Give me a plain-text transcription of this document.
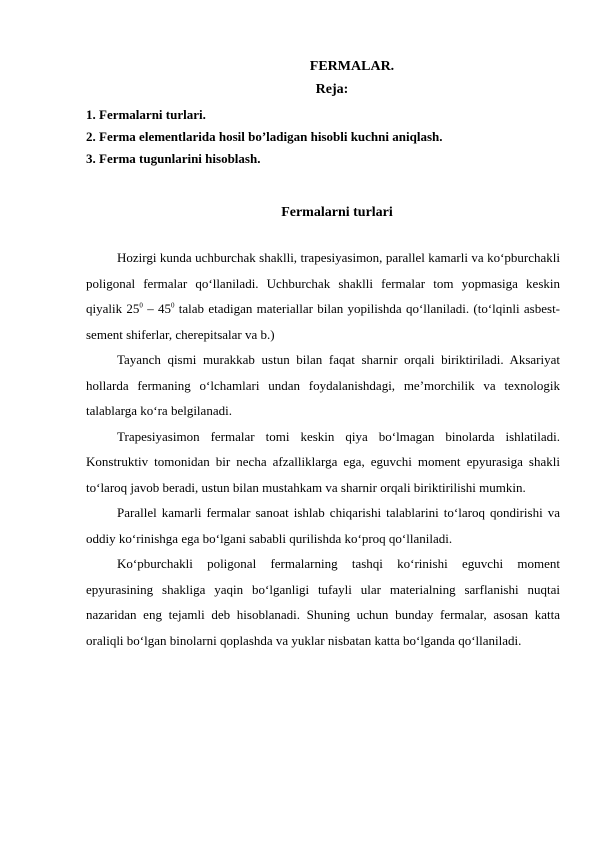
FERMALAR.
Reja:
1. Fermalarni turlari.
2. Ferma elementlarida hosil bo’ladigan hisobli kuchni aniqlash.
3. Ferma tugunlarini hisoblash.
Fermalarni turlari

Hozirgi kunda uchburchak shaklli, trapesiyasimon, parallel kamarli va ko‘pburchakli poligonal fermalar qo‘llaniladi. Uchburchak shaklli fermalar tom yopmasiga keskin qiyalik $25^0 - 45^0$ talab etadigan materiallar bilan yopilishda qo‘llaniladi. (to‘lqinli asbest-sement shiferlar, cherepitsalar va b.)

Tayanch qismi murakkab ustun bilan faqat sharnir orqali biriktiriladi. Aksariyat hollarda fermaning o‘lchamlari undan foydalanishdagi, me’morchilik va texnologik talablarga ko‘ra belgilanadi.

Trapesiyasimon fermalar tomi keskin qiya bo‘lmagan binolarda ishlatiladi. Konstruktiv tomonidan bir necha afzalliklarga ega, eguvchi moment epyurasiga shakli to‘laroq javob beradi, ustun bilan mustahkam va sharnir orqali biriktirilishi mumkin.

Parallel kamarli fermalar sanoat ishlab chiqarishi talablarini to‘laroq qondirishi va oddiy ko‘rinishga ega bo‘lgani sababli qurilishda ko‘proq qo‘llaniladi.

Ko‘pburchakli poligonal fermalarning tashqi ko‘rinishi eguvchi moment epyurasining shakliga yaqin bo‘lganligi tufayli ular materialning sarflanishi nuqtai nazaridan eng tejamli deb hisoblanadi. Shuning uchun bunday fermalar, asosan katta oraliqli bo‘lgan binolarni qoplashda va yuklar nisbatan katta bo‘lganda qo‘llaniladi.
